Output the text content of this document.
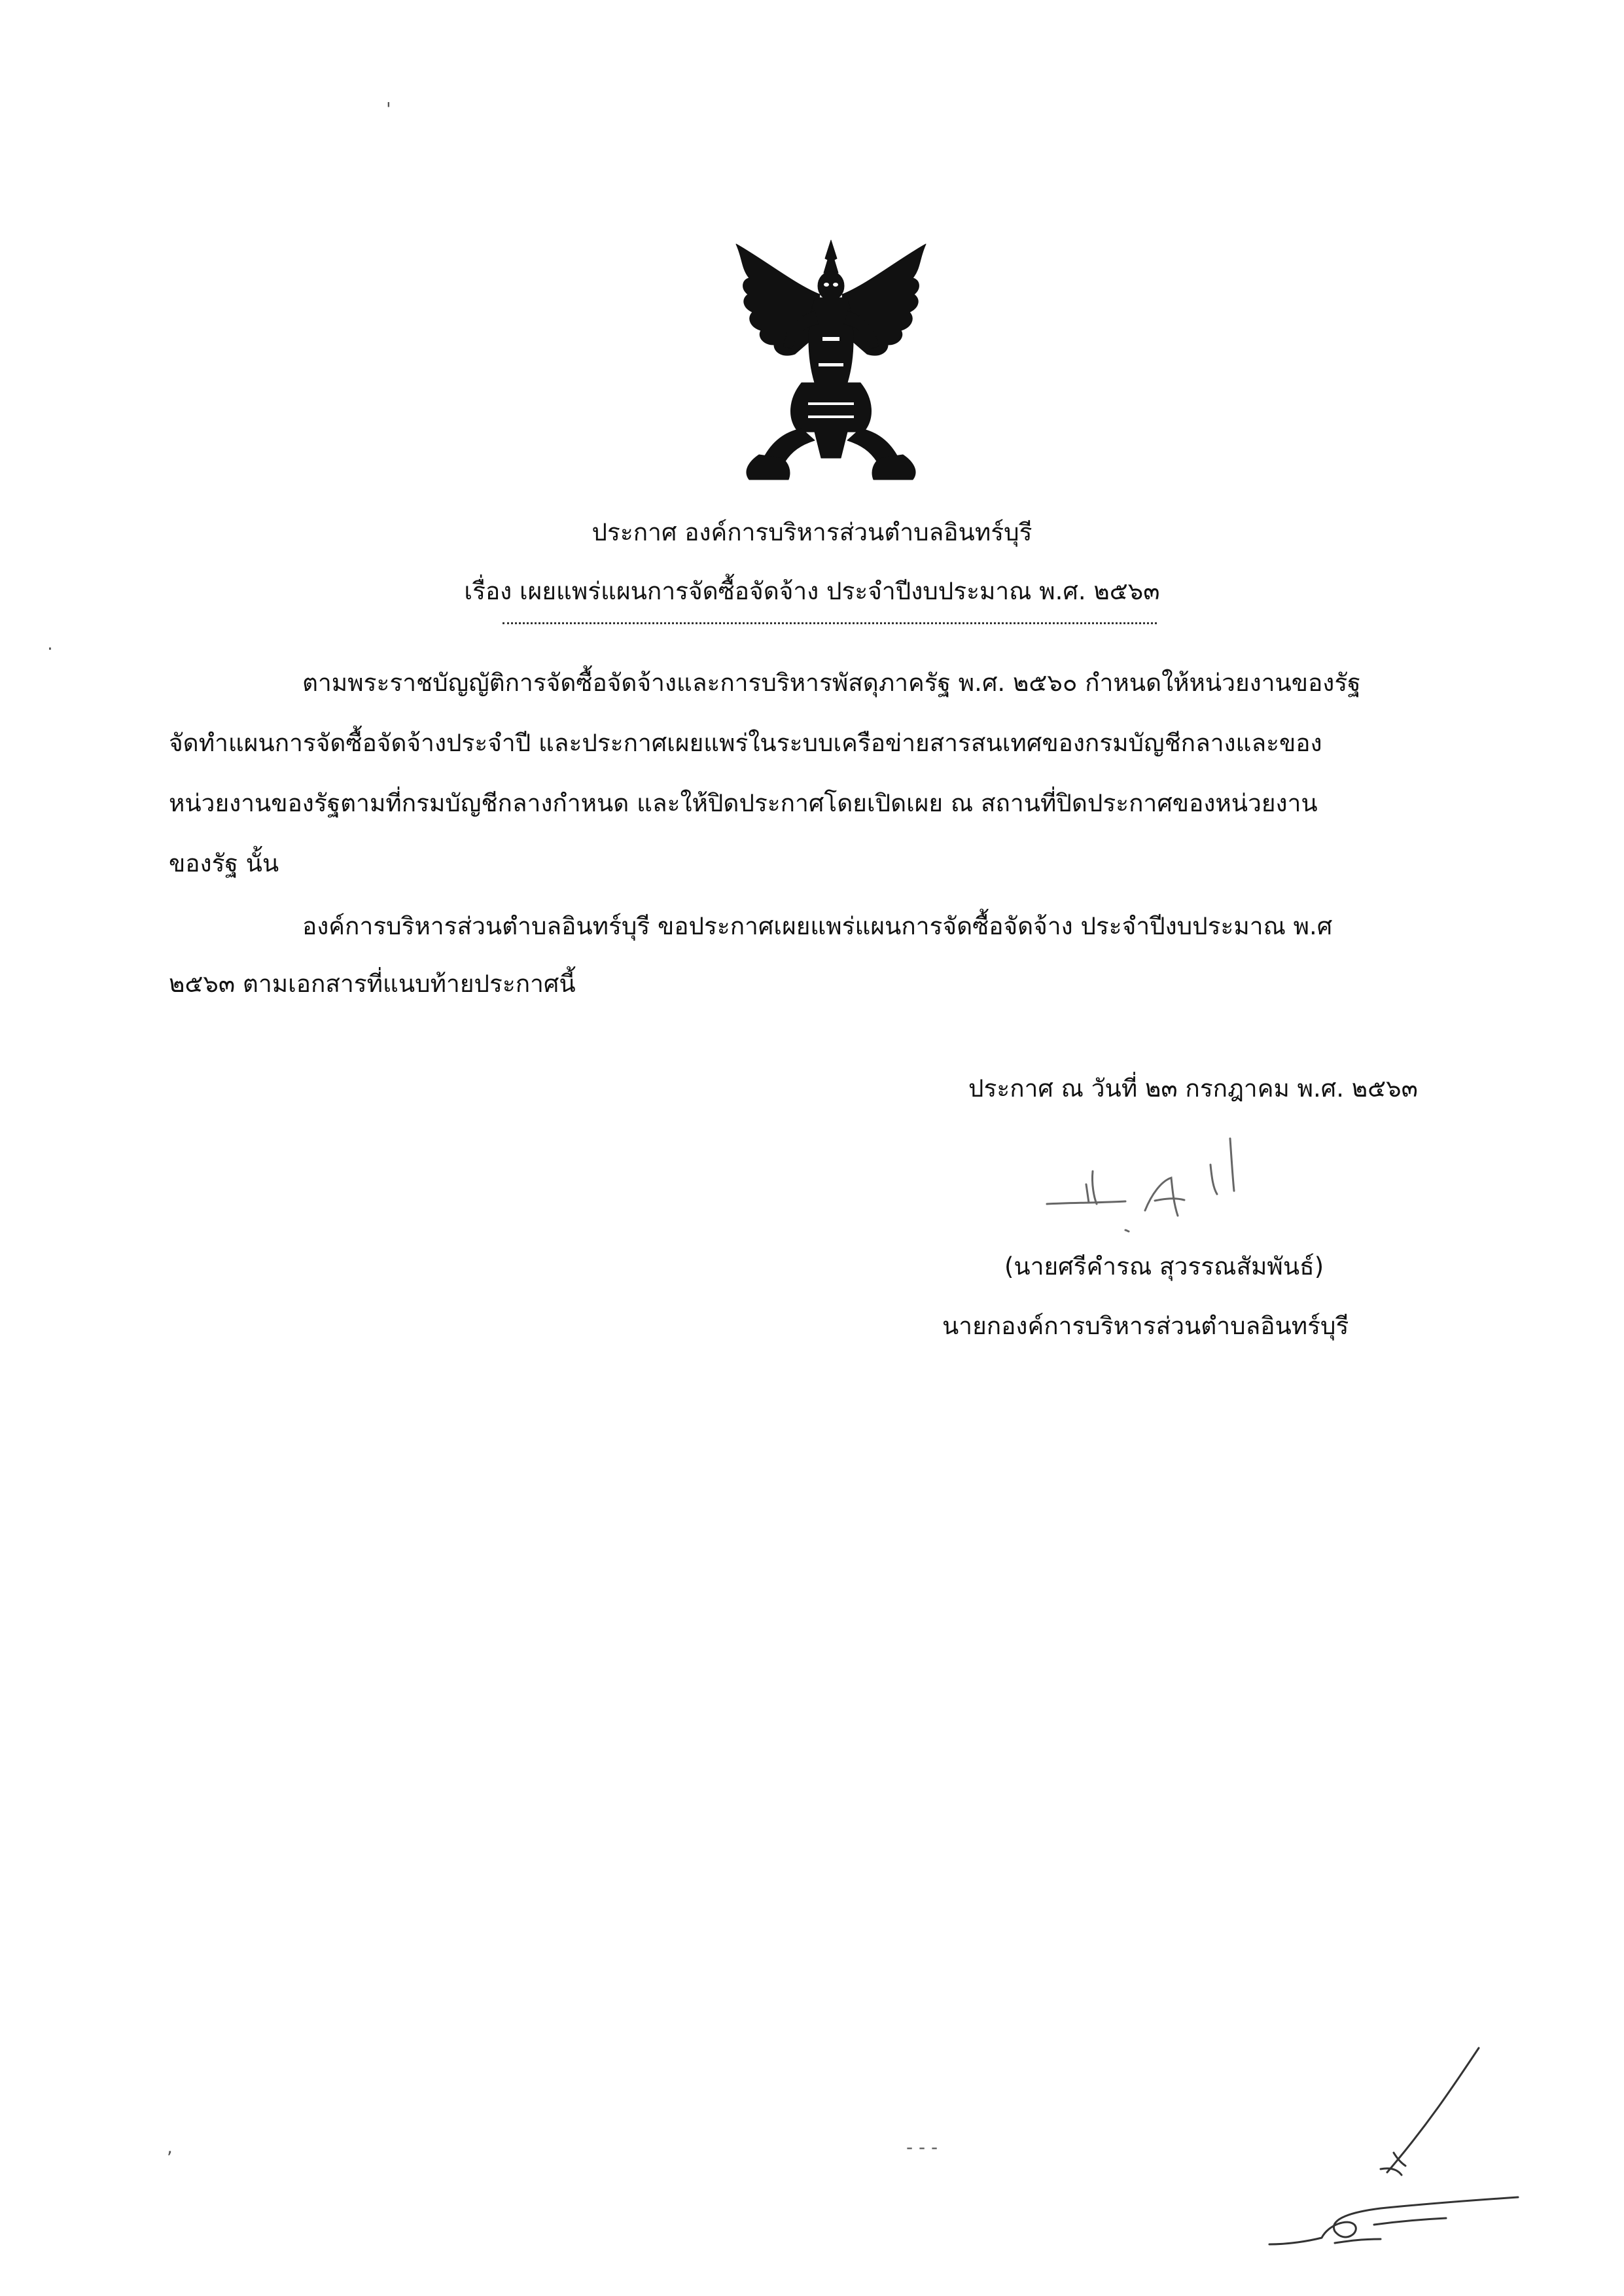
ประกาศ องค์การบริหารส่วนตำบลอินทร์บุรี
เรื่อง เผยแพร่แผนการจัดซื้อจัดจ้าง ประจำปีงบประมาณ พ.ศ. ๒๕๖๓
ตามพระราชบัญญัติการจัดซื้อจัดจ้างและการบริหารพัสดุภาครัฐ พ.ศ. ๒๕๖๐ กำหนดให้หน่วยงานของรัฐ
จัดทำแผนการจัดซื้อจัดจ้างประจำปี และประกาศเผยแพร่ในระบบเครือข่ายสารสนเทศของกรมบัญชีกลางและของ
หน่วยงานของรัฐตามที่กรมบัญชีกลางกำหนด และให้ปิดประกาศโดยเปิดเผย ณ สถานที่ปิดประกาศของหน่วยงาน
ของรัฐ นั้น
องค์การบริหารส่วนตำบลอินทร์บุรี ขอประกาศเผยแพร่แผนการจัดซื้อจัดจ้าง ประจำปีงบประมาณ พ.ศ
๒๕๖๓ ตามเอกสารที่แนบท้ายประกาศนี้
ประกาศ ณ วันที่ ๒๓ กรกฎาคม พ.ศ. ๒๕๖๓
(นายศรีคำรณ สุวรรณสัมพันธ์)
นายกองค์การบริหารส่วนตำบลอินทร์บุรี
'
·
,	- - -
